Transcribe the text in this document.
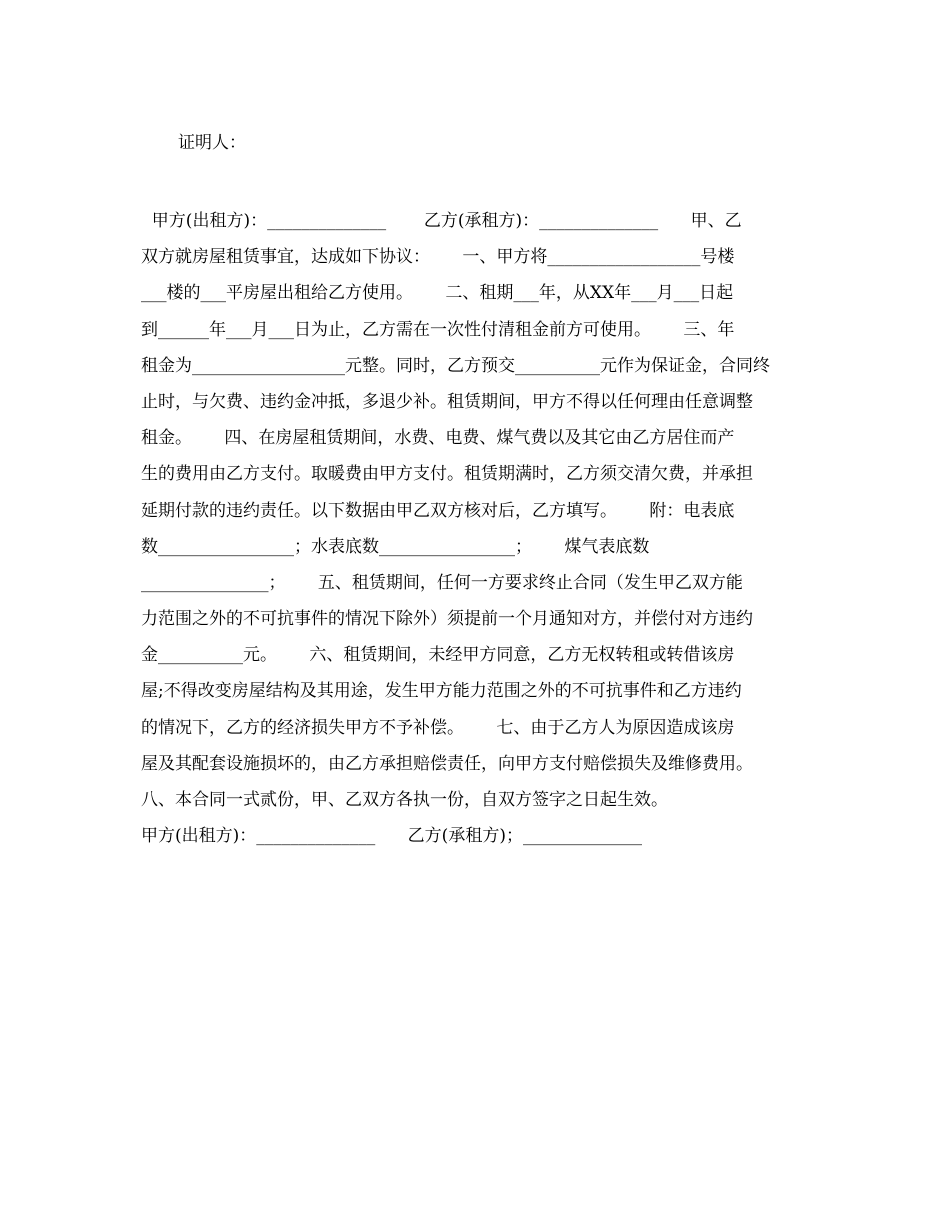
证明人：
甲方(出租方)：______________       乙方(承租方)：______________      甲、乙
双方就房屋租赁事宜，达成如下协议：      一、甲方将__________________号楼
___楼的___平房屋出租给乙方使用。      二、租期___年，从XX年___月___日起
到______年___月___日为止，乙方需在一次性付清租金前方可使用。      三、年
租金为__________________元整。同时，乙方预交__________元作为保证金，合同终
止时，与欠费、违约金冲抵，多退少补。租赁期间，甲方不得以任何理由任意调整
租金。      四、在房屋租赁期间，水费、电费、煤气费以及其它由乙方居住而产
生的费用由乙方支付。取暖费由甲方支付。租赁期满时，乙方须交清欠费，并承担
延期付款的违约责任。以下数据由甲乙双方核对后，乙方填写。      附：电表底
数________________；水表底数________________；      煤气表底数
_______________；      五、租赁期间，任何一方要求终止合同（发生甲乙双方能
力范围之外的不可抗事件的情况下除外）须提前一个月通知对方，并偿付对方违约
金__________元。      六、租赁期间，未经甲方同意，乙方无权转租或转借该房
屋;不得改变房屋结构及其用途，发生甲方能力范围之外的不可抗事件和乙方违约
的情况下，乙方的经济损失甲方不予补偿。      七、由于乙方人为原因造成该房
屋及其配套设施损坏的，由乙方承担赔偿责任，向甲方支付赔偿损失及维修费用。
八、本合同一式贰份，甲、乙双方各执一份，自双方签字之日起生效。
甲方(出租方)：______________      乙方(承租方)；______________
